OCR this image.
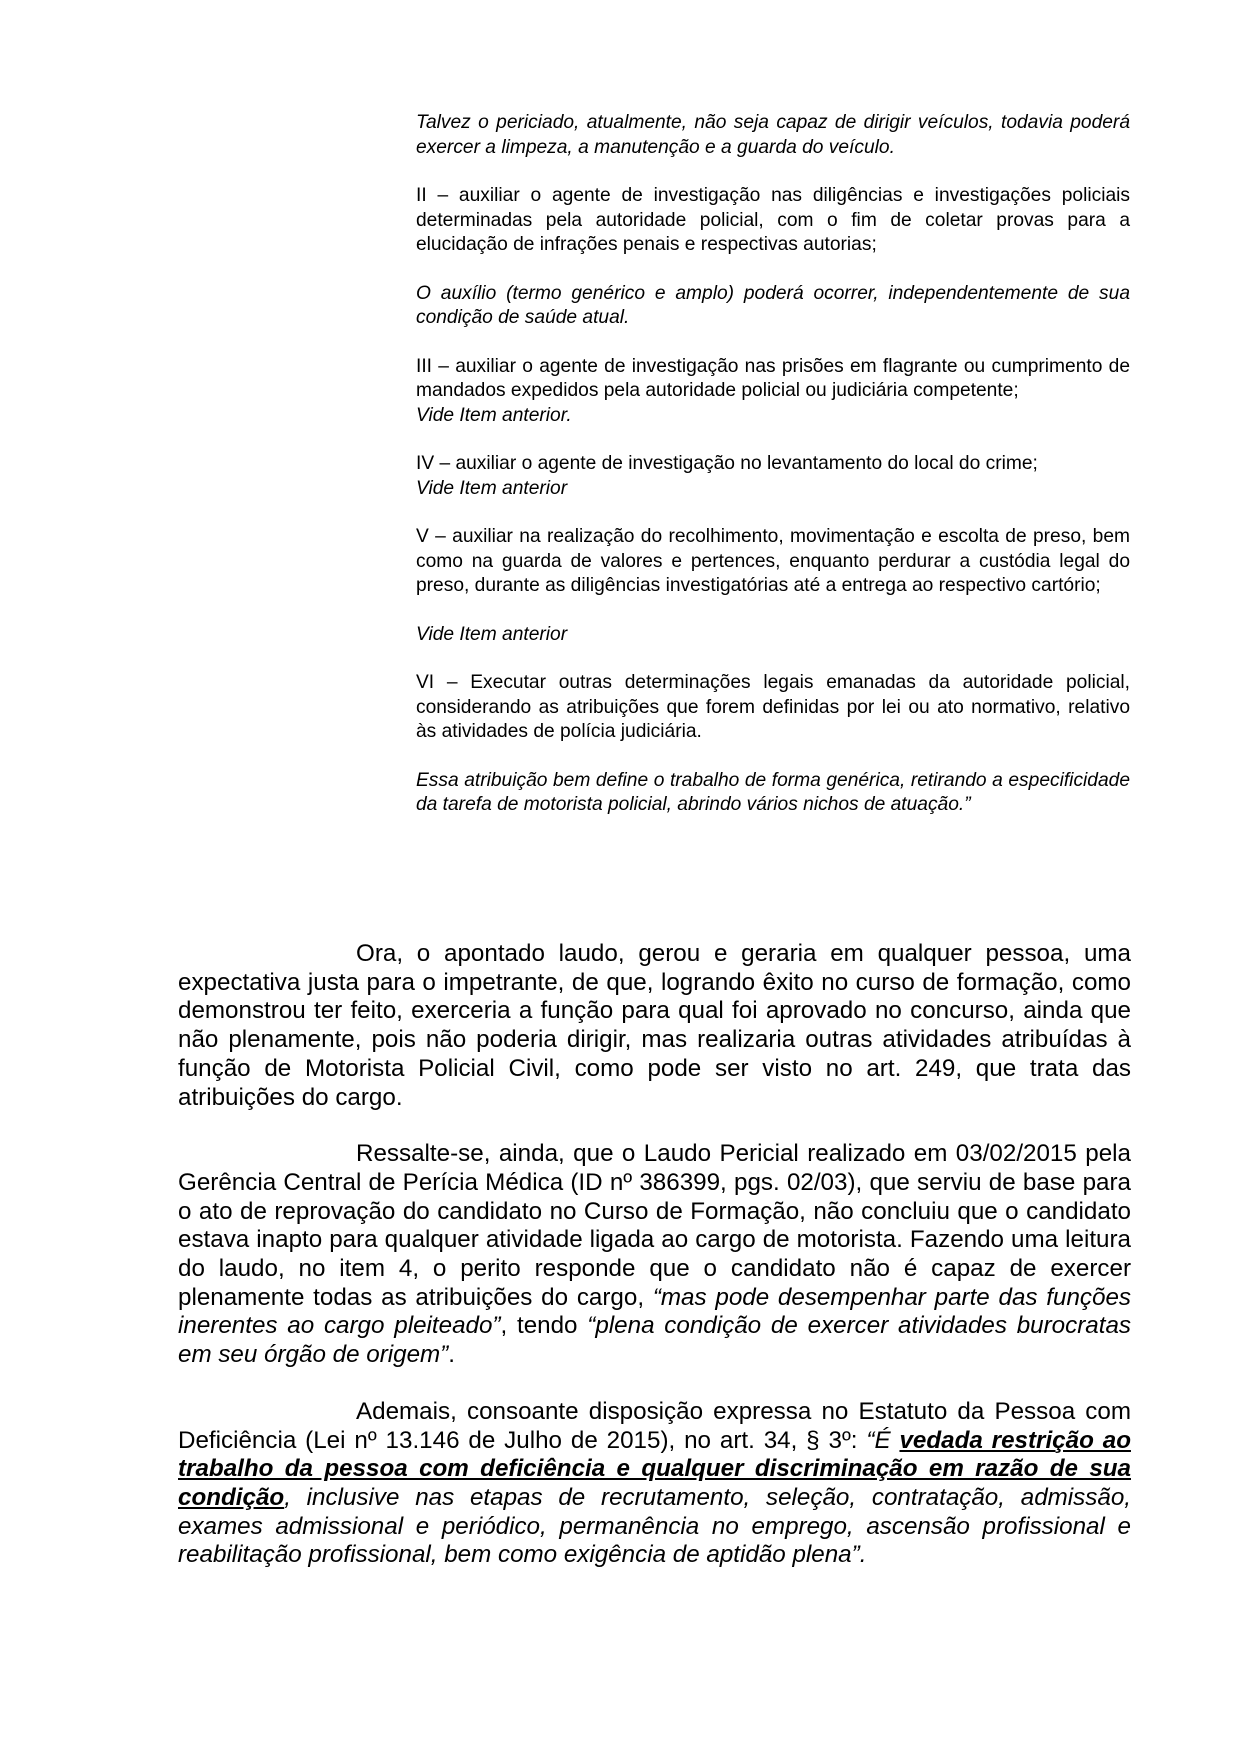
Talvez o periciado, atualmente, não seja capaz de dirigir veículos, todavia poderá exercer a limpeza, a manutenção e a guarda do veículo.

II – auxiliar o agente de investigação nas diligências e investigações policiais determinadas pela autoridade policial, com o fim de coletar provas para a elucidação de infrações penais e respectivas autorias;

O auxílio (termo genérico e amplo) poderá ocorrer, independentemente de sua condição de saúde atual.

III – auxiliar o agente de investigação nas prisões em flagrante ou cumprimento de mandados expedidos pela autoridade policial ou judiciária competente;

Vide Item anterior.

IV – auxiliar o agente de investigação no levantamento do local do crime;

Vide Item anterior

V – auxiliar na realização do recolhimento, movimentação e escolta de preso, bem como na guarda de valores e pertences, enquanto perdurar a custódia legal do preso, durante as diligências investigatórias até a entrega ao respectivo cartório;

Vide Item anterior

VI – Executar outras determinações legais emanadas da autoridade policial, considerando as atribuições que forem definidas por lei ou ato normativo, relativo às atividades de polícia judiciária.

Essa atribuição bem define o trabalho de forma genérica, retirando a especificidade da tarefa de motorista policial, abrindo vários nichos de atuação.”

Ora, o apontado laudo, gerou e geraria em qualquer pessoa, uma expectativa justa para o impetrante, de que, logrando êxito no curso de formação, como demonstrou ter feito, exerceria a função para qual foi aprovado no concurso, ainda que não plenamente, pois não poderia dirigir, mas realizaria outras atividades atribuídas à função de Motorista Policial Civil, como pode ser visto no art. 249, que trata das atribuições do cargo.

Ressalte-se, ainda, que o Laudo Pericial realizado em 03/02/2015 pela Gerência Central de Perícia Médica (ID nº 386399, pgs. 02/03), que serviu de base para o ato de reprovação do candidato no Curso de Formação, não concluiu que o candidato estava inapto para qualquer atividade ligada ao cargo de motorista. Fazendo uma leitura do laudo, no item 4, o perito responde que o candidato não é capaz de exercer plenamente todas as atribuições do cargo, “mas pode desempenhar parte das funções inerentes ao cargo pleiteado”, tendo “plena condição de exercer atividades burocratas em seu órgão de origem”.

Ademais, consoante disposição expressa no Estatuto da Pessoa com Deficiência (Lei nº 13.146 de Julho de 2015), no art. 34, § 3º: “É vedada restrição ao trabalho da pessoa com deficiência e qualquer discriminação em razão de sua condição, inclusive nas etapas de recrutamento, seleção, contratação, admissão, exames admissional e periódico, permanência no emprego, ascensão profissional e reabilitação profissional, bem como exigência de aptidão plena”.
